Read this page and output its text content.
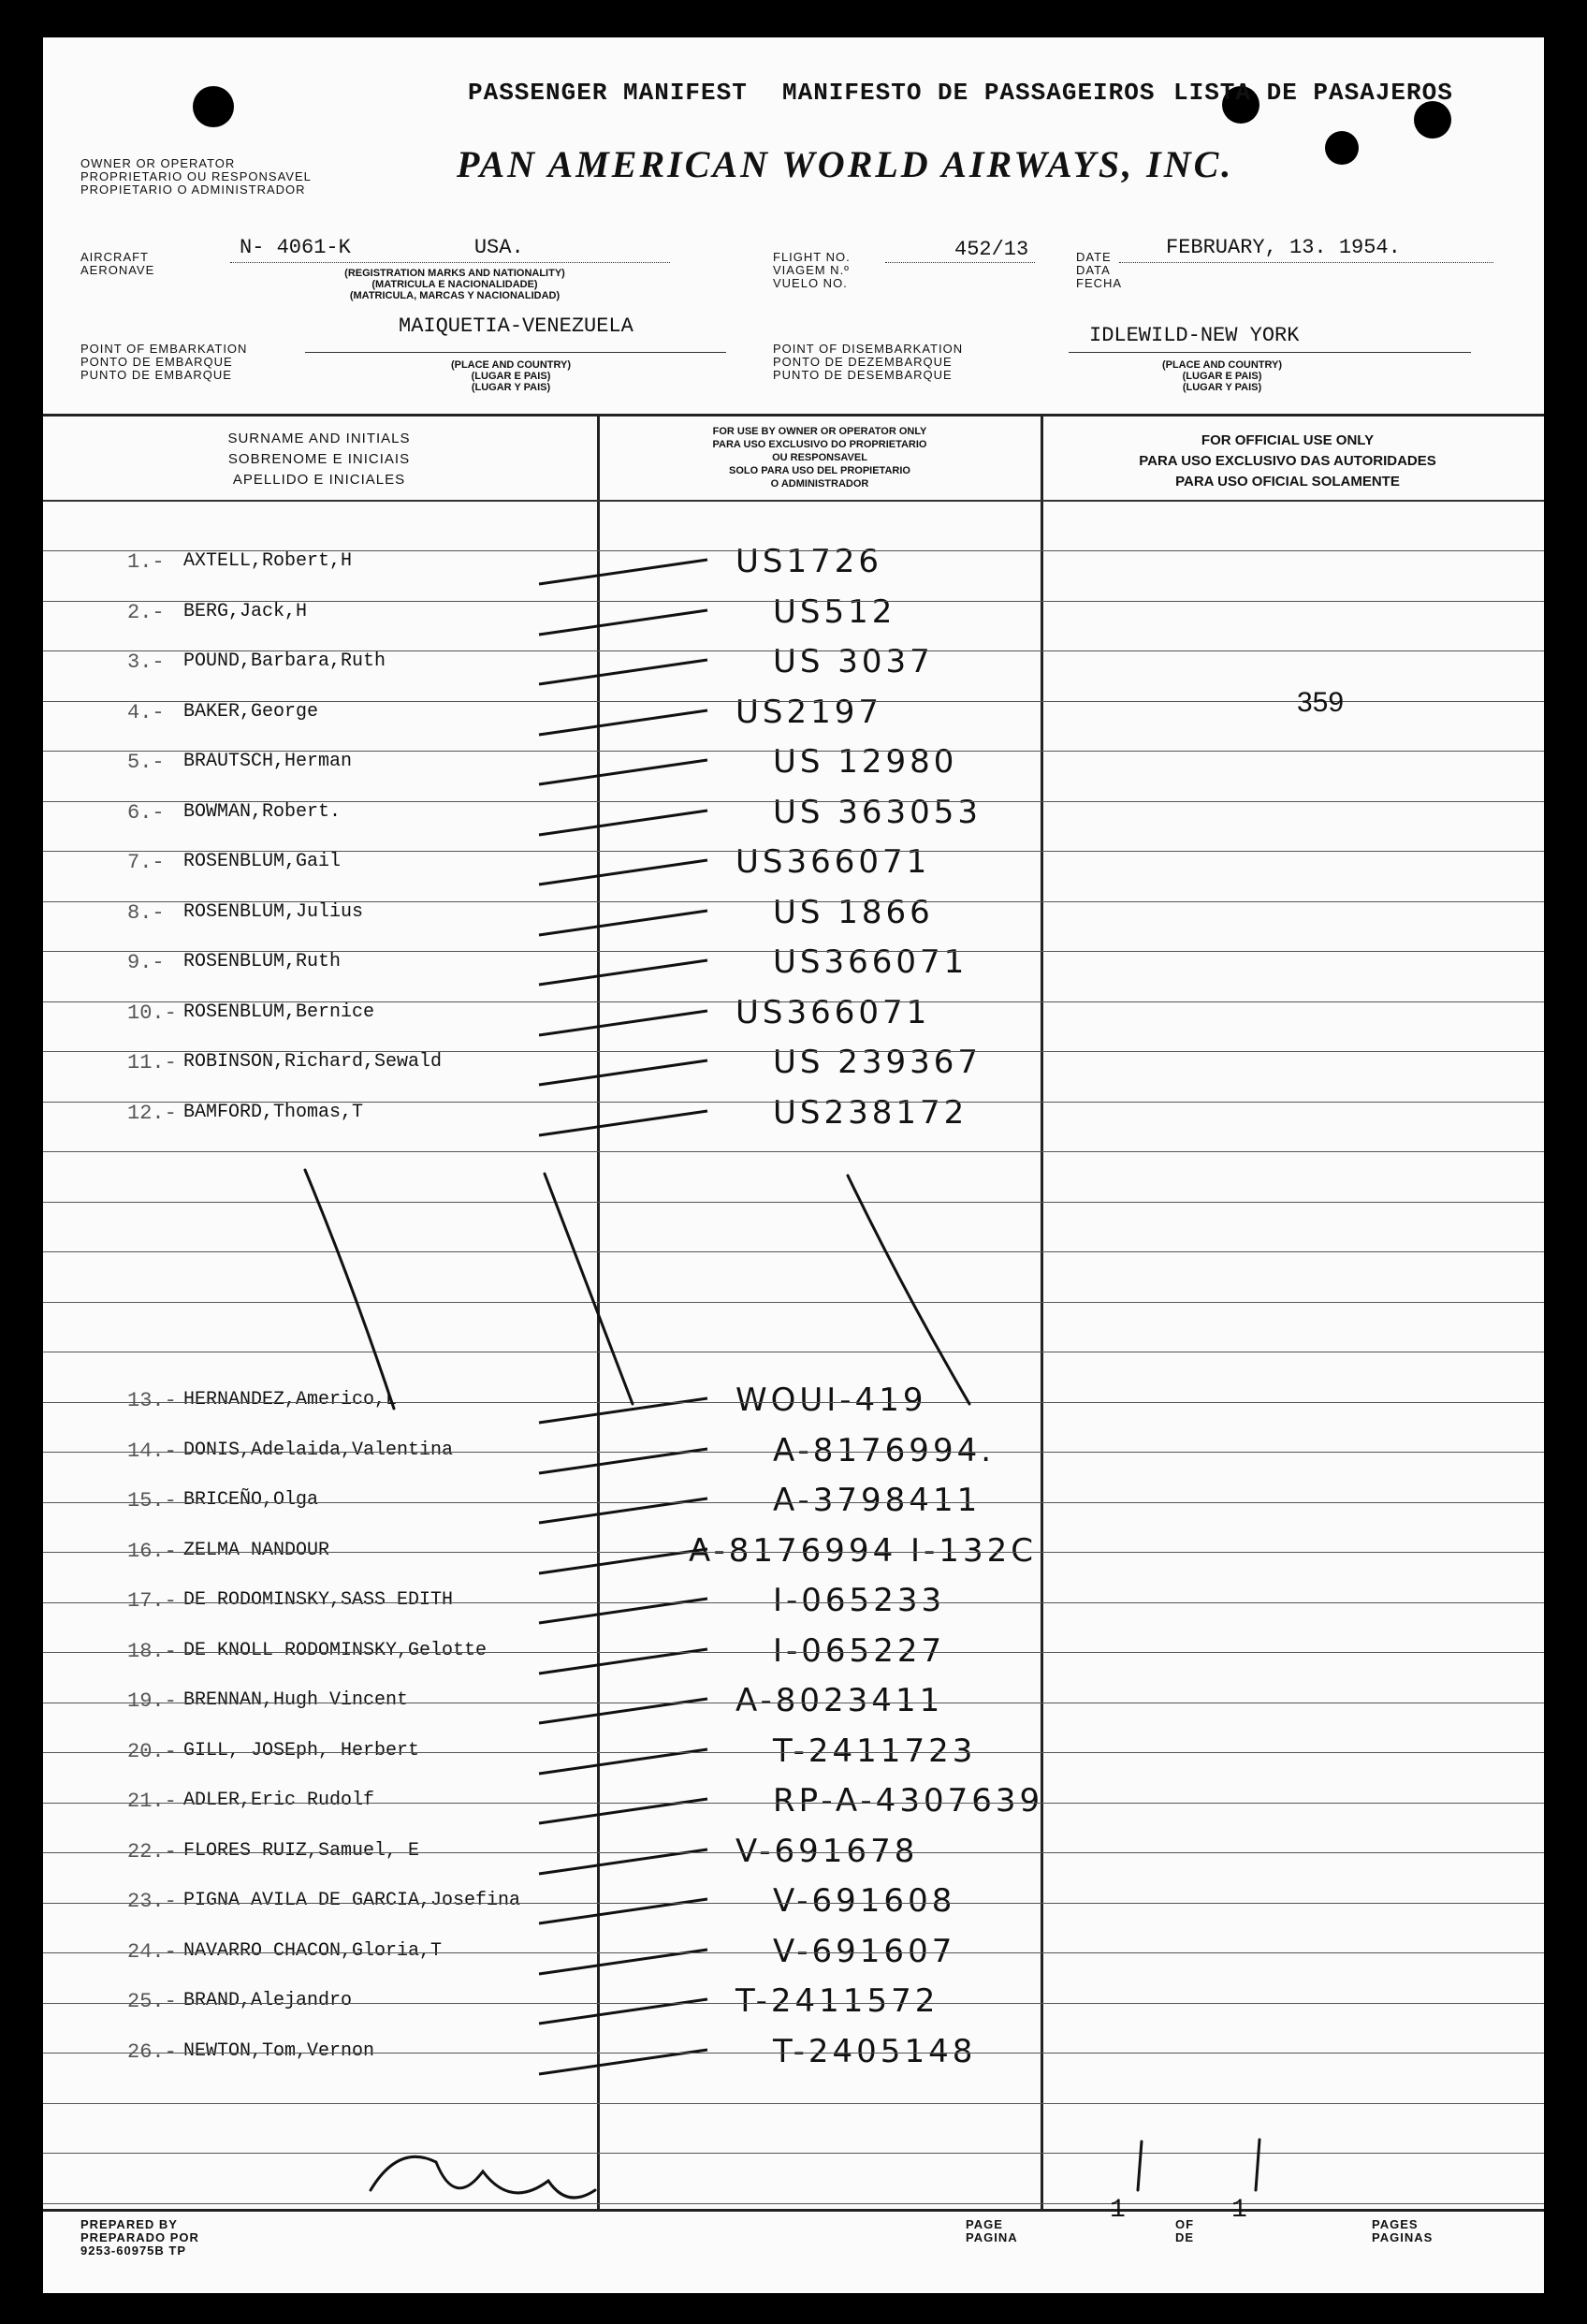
PASSENGER MANIFEST MANIFESTO DE PASSAGEIROS LISTA DE PASAJEROS
PAN AMERICAN WORLD AIRWAYS, INC.
OWNER OR OPERATOR
PROPRIETARIO OU RESPONSAVEL
PROPIETARIO O ADMINISTRADOR
AIRCRAFT
AERONAVE
N- 4061-K          USA.
(REGISTRATION MARKS AND NATIONALITY)
(MATRICULA E NACIONALIDADE)
(MATRICULA, MARCAS Y NACIONALIDAD)
FLIGHT NO.
VIAGEM N.º
VUELO NO.
452/13	DATE
DATA
FECHA
FEBRUARY, 13. 1954.
POINT OF EMBARKATION
PONTO DE EMBARQUE
PUNTO DE EMBARQUE
MAIQUETIA-VENEZUELA
(PLACE AND COUNTRY)
(LUGAR E PAIS)
(LUGAR Y PAIS)
POINT OF DISEMBARKATION
PONTO DE DEZEMBARQUE
PUNTO DE DESEMBARQUE
IDLEWILD-NEW YORK
(PLACE AND COUNTRY)
(LUGAR E PAIS)
(LUGAR Y PAIS)
SURNAME AND INITIALS
SOBRENOME E INICIAIS
APELLIDO E INICIALES
FOR USE BY OWNER OR OPERATOR ONLY
PARA USO EXCLUSIVO DO PROPRIETARIO
OU RESPONSAVEL
SOLO PARA USO DEL PROPIETARIO
O ADMINISTRADOR
FOR OFFICIAL USE ONLY
PARA USO EXCLUSIVO DAS AUTORIDADES
PARA USO OFICIAL SOLAMENTE
1.- AXTELL,Robert,H	US1726
2.- BERG,Jack,H	US512
3.- POUND,Barbara,Ruth	US 3037
4.- BAKER,George	US2197
5.- BRAUTSCH,Herman	US 12980
6.- BOWMAN,Robert.	US 363053
7.- ROSENBLUM,Gail	US366071
8.- ROSENBLUM,Julius	US 1866
9.- ROSENBLUM,Ruth	US366071
10.- ROSENBLUM,Bernice	US366071
11.- ROBINSON,Richard,Sewald	US 239367
12.- BAMFORD,Thomas,T	US238172
13.- HERNANDEZ,Americo,L	WOUI-419
14.- DONIS,Adelaida,Valentina	A-8176994.
15.- BRICEÑO,Olga	A-3798411
16.- ZELMA NANDOUR	A-8176994 I-132C
17.- DE RODOMINSKY,SASS EDITH	I-065233
18.- DE KNOLL RODOMINSKY,Gelotte	I-065227
19.- BRENNAN,Hugh Vincent	A-8023411
20.- GILL, JOSEph, Herbert	T-2411723
21.- ADLER,Eric Rudolf	RP-A-4307639
22.- FLORES RUIZ,Samuel, E	V-691678
23.- PIGNA AVILA DE GARCIA,Josefina	V-691608
24.- NAVARRO CHACON,Gloria,T	V-691607
25.- BRAND,Alejandro	T-2411572
26.- NEWTON,Tom,Vernon	T-2405148
359
PREPARED BY
PREPARADO POR
9253-60975B TP
PAGE
PAGINA
1	OF
DE
1	PAGES
PAGINAS
